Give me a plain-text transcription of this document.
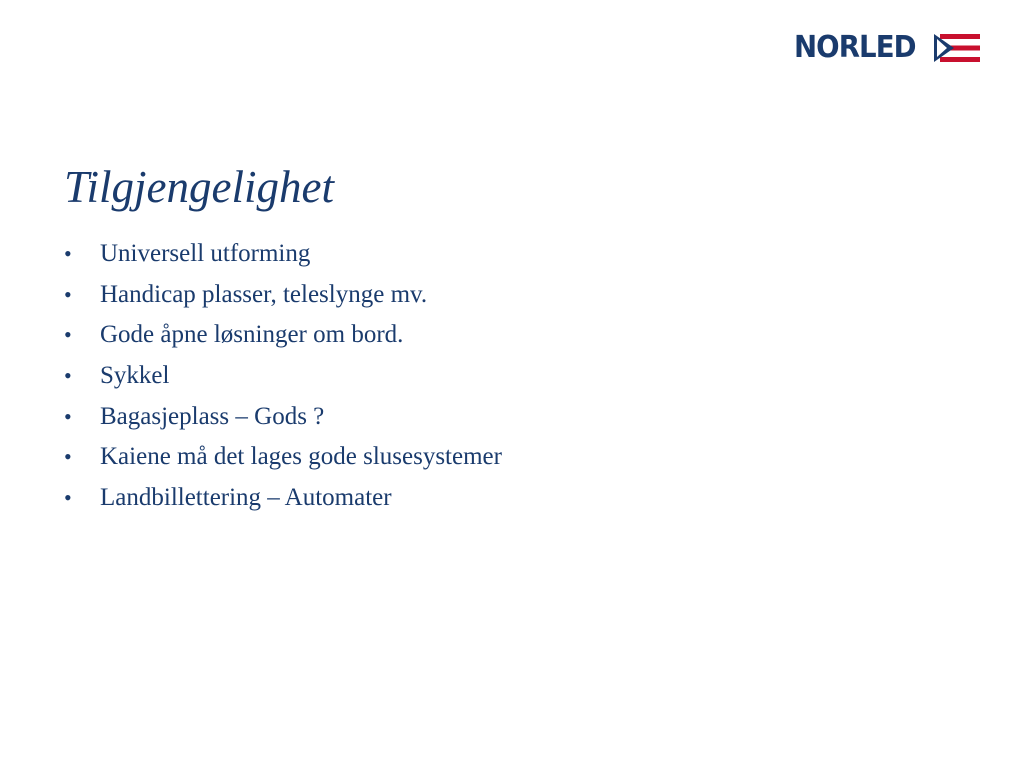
NORLED
Tilgjengelighet
•	Universell utforming
•	Handicap plasser, teleslynge mv.
•	Gode åpne løsninger om bord.
•	Sykkel
•	Bagasjeplass – Gods ?
•	Kaiene må det lages gode slusesystemer
•	Landbillettering – Automater
